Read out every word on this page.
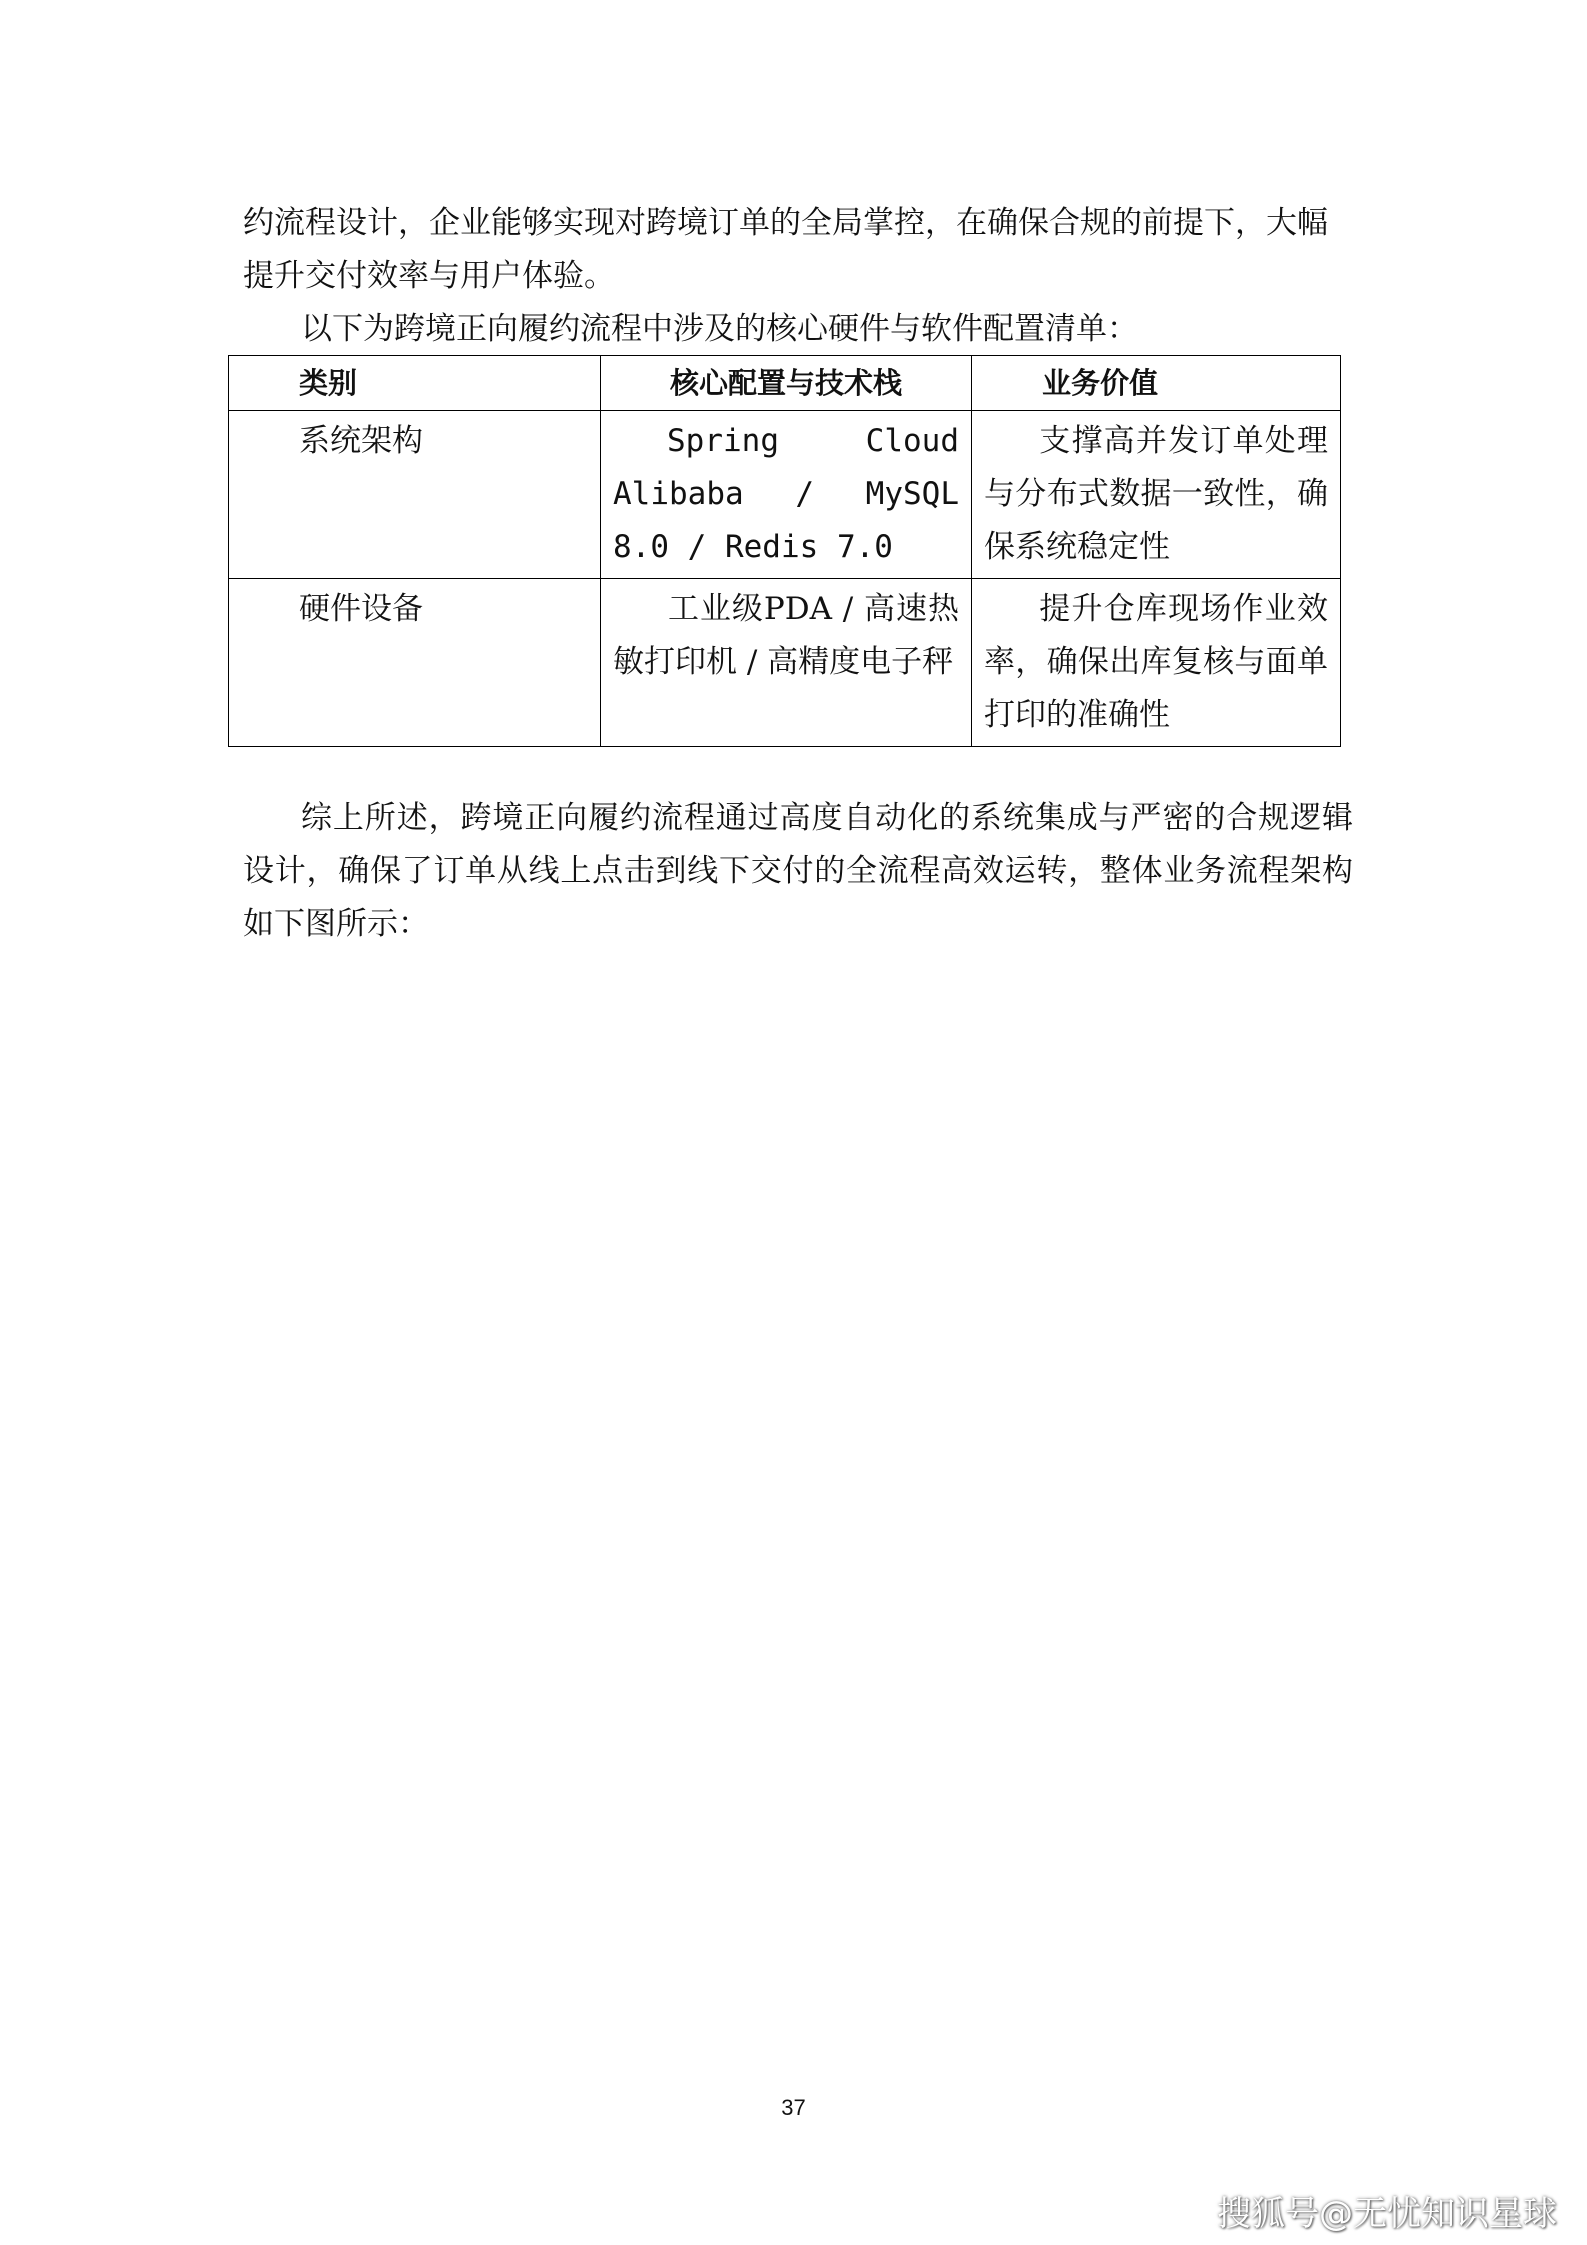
约流程设计，企业能够实现对跨境订单的全局掌控，在确保合规的前提下，大幅

提升交付效率与用户体验。

以下为跨境正向履约流程中涉及的核心硬件与软件配置清单：

类别	核心配置与技术栈	业务价值
系统架构	Spring Cloud Alibaba / MySQL 8.0 / Redis 7.0	支撑高并发订单处理与分布式数据一致性，确保系统稳定性
硬件设备	工业级PDA / 高速热敏打印机 / 高精度电子秤	提升仓库现场作业效率，确保出库复核与面单打印的准确性

综上所述，跨境正向履约流程通过高度自动化的系统集成与严密的合规逻辑设计，确保了订单从线上点击到线下交付的全流程高效运转，整体业务流程架构如下图所示：

37
搜狐号@无忧知识星球
